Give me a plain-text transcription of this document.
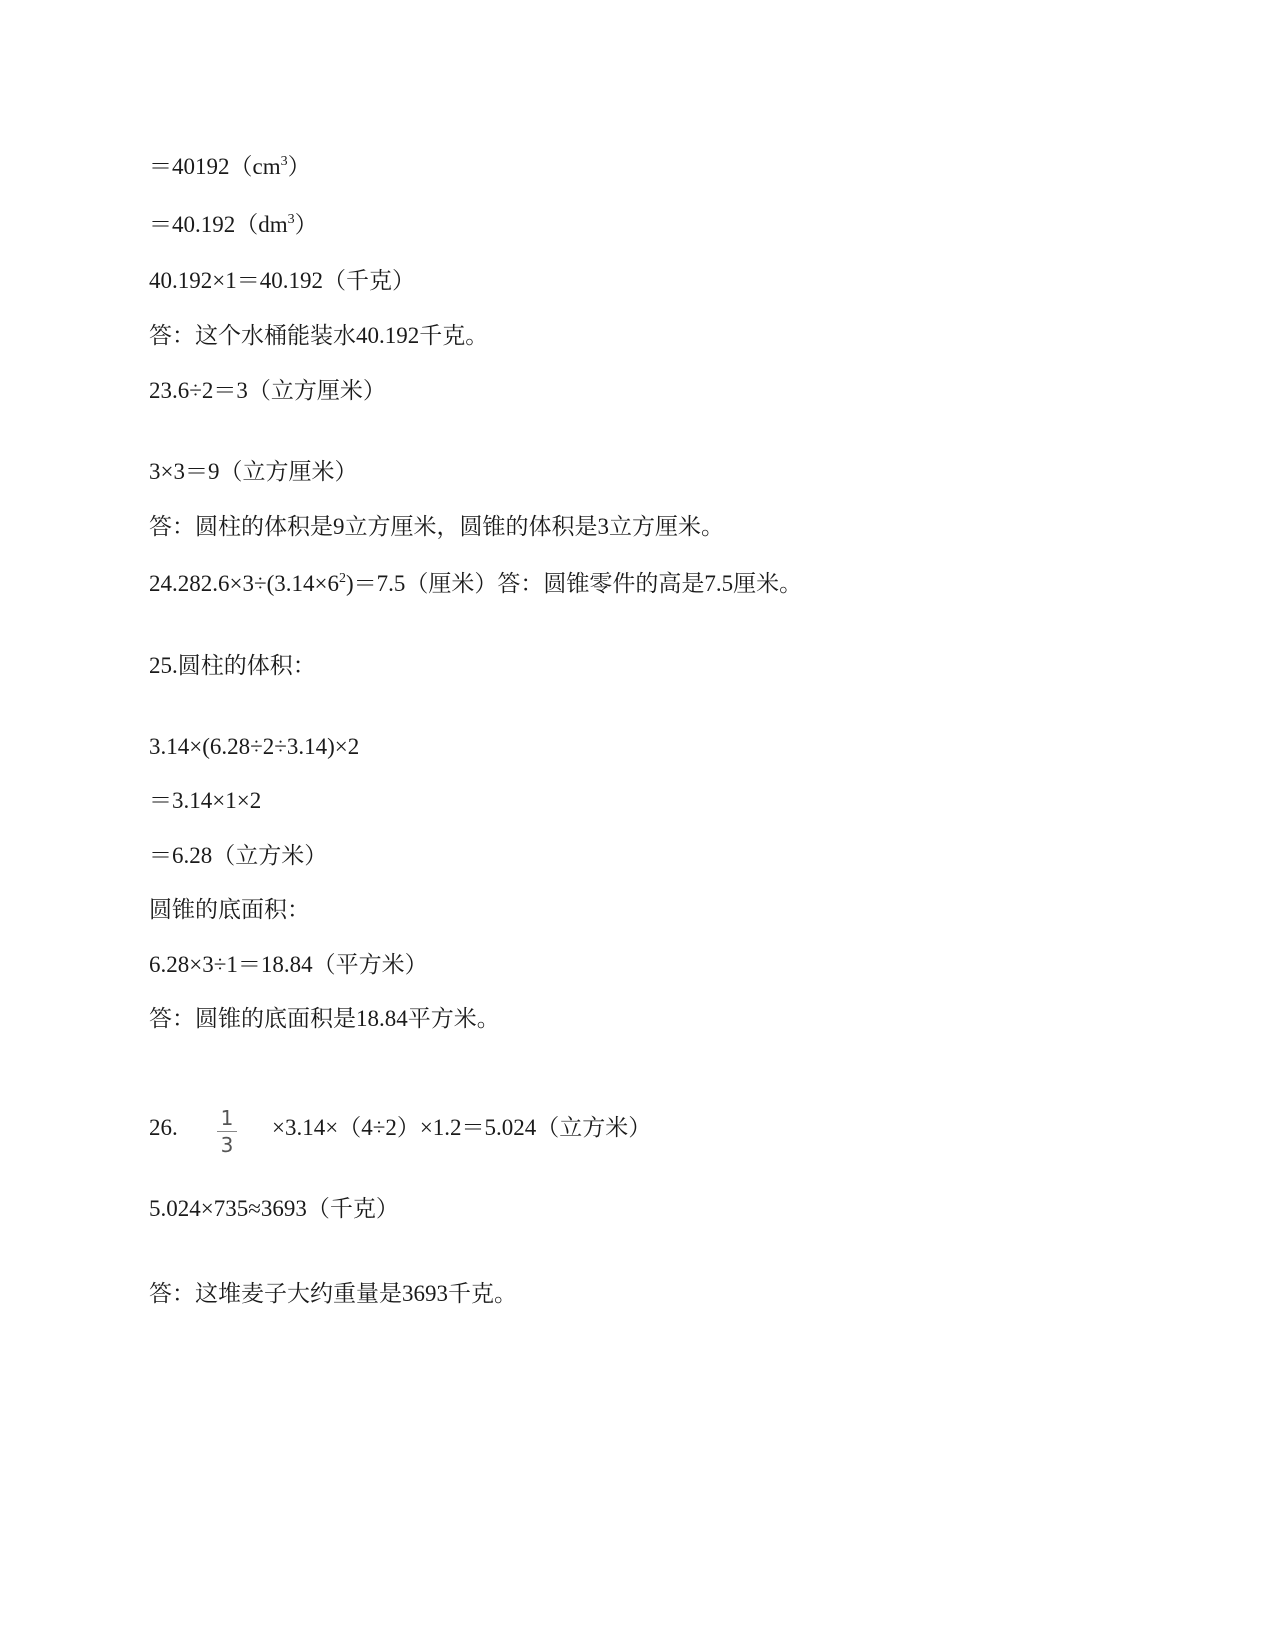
$=40192(cm^3)$
$=40.192(dm^3)$
40.192×1＝40.192（千克）
答：这个水桶能装水40.192千克。
23.6÷2＝3（立方厘米）
3×3＝9（立方厘米）
答：圆柱的体积是9立方厘米，圆锥的体积是3立方厘米。
$24.282.6\times 3\div(3.14\times 6^2)=7.5$（厘米）答：圆锥零件的高是7.5厘米。
25.圆柱的体积：
3.14×(6.28÷2÷3.14)×2
＝3.14×1×2
＝6.28（立方米）
圆锥的底面积：
6.28×3÷1＝18.84（平方米）
答：圆锥的底面积是18.84平方米。
26. 1
3
×3.14×（4÷2）×1.2＝5.024（立方米）
5.024×735≈3693（千克）
答：这堆麦子大约重量是3693千克。
